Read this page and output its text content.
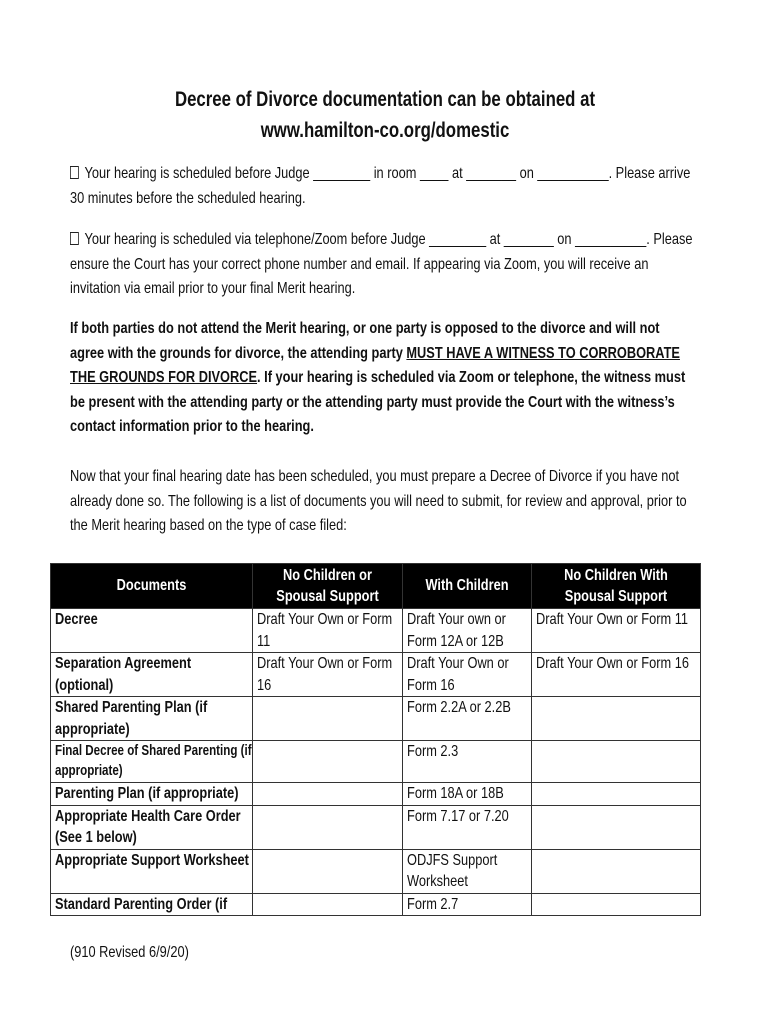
Decree of Divorce documentation can be obtained at www.hamilton-co.org/domestic
Your hearing is scheduled before Judge ________ in room ____ at _______ on __________. Please arrive 30 minutes before the scheduled hearing.
Your hearing is scheduled via telephone/Zoom before Judge ________ at _______ on __________. Please ensure the Court has your correct phone number and email. If appearing via Zoom, you will receive an invitation via email prior to your final Merit hearing.
If both parties do not attend the Merit hearing, or one party is opposed to the divorce and will not agree with the grounds for divorce, the attending party MUST HAVE A WITNESS TO CORROBORATE THE GROUNDS FOR DIVORCE. If your hearing is scheduled via Zoom or telephone, the witness must be present with the attending party or the attending party must provide the Court with the witness’s contact information prior to the hearing.
Now that your final hearing date has been scheduled, you must prepare a Decree of Divorce if you have not already done so. The following is a list of documents you will need to submit, for review and approval, prior to the Merit hearing based on the type of case filed:
Documents	No Children or Spousal Support	With Children	No Children With Spousal Support
Decree	Draft Your Own or Form 11	Draft Your own or Form 12A or 12B	Draft Your Own or Form 11
Separation Agreement (optional)	Draft Your Own or Form 16	Draft Your Own or Form 16	Draft Your Own or Form 16
Shared Parenting Plan (if appropriate)		Form 2.2A or 2.2B	
Final Decree of Shared Parenting (if appropriate)		Form 2.3	
Parenting Plan (if appropriate)		Form 18A or 18B	
Appropriate Health Care Order (See 1 below)		Form 7.17 or 7.20	
Appropriate Support Worksheet		ODJFS Support Worksheet	
Standard Parenting Order (if		Form 2.7	
(910 Revised 6/9/20)
